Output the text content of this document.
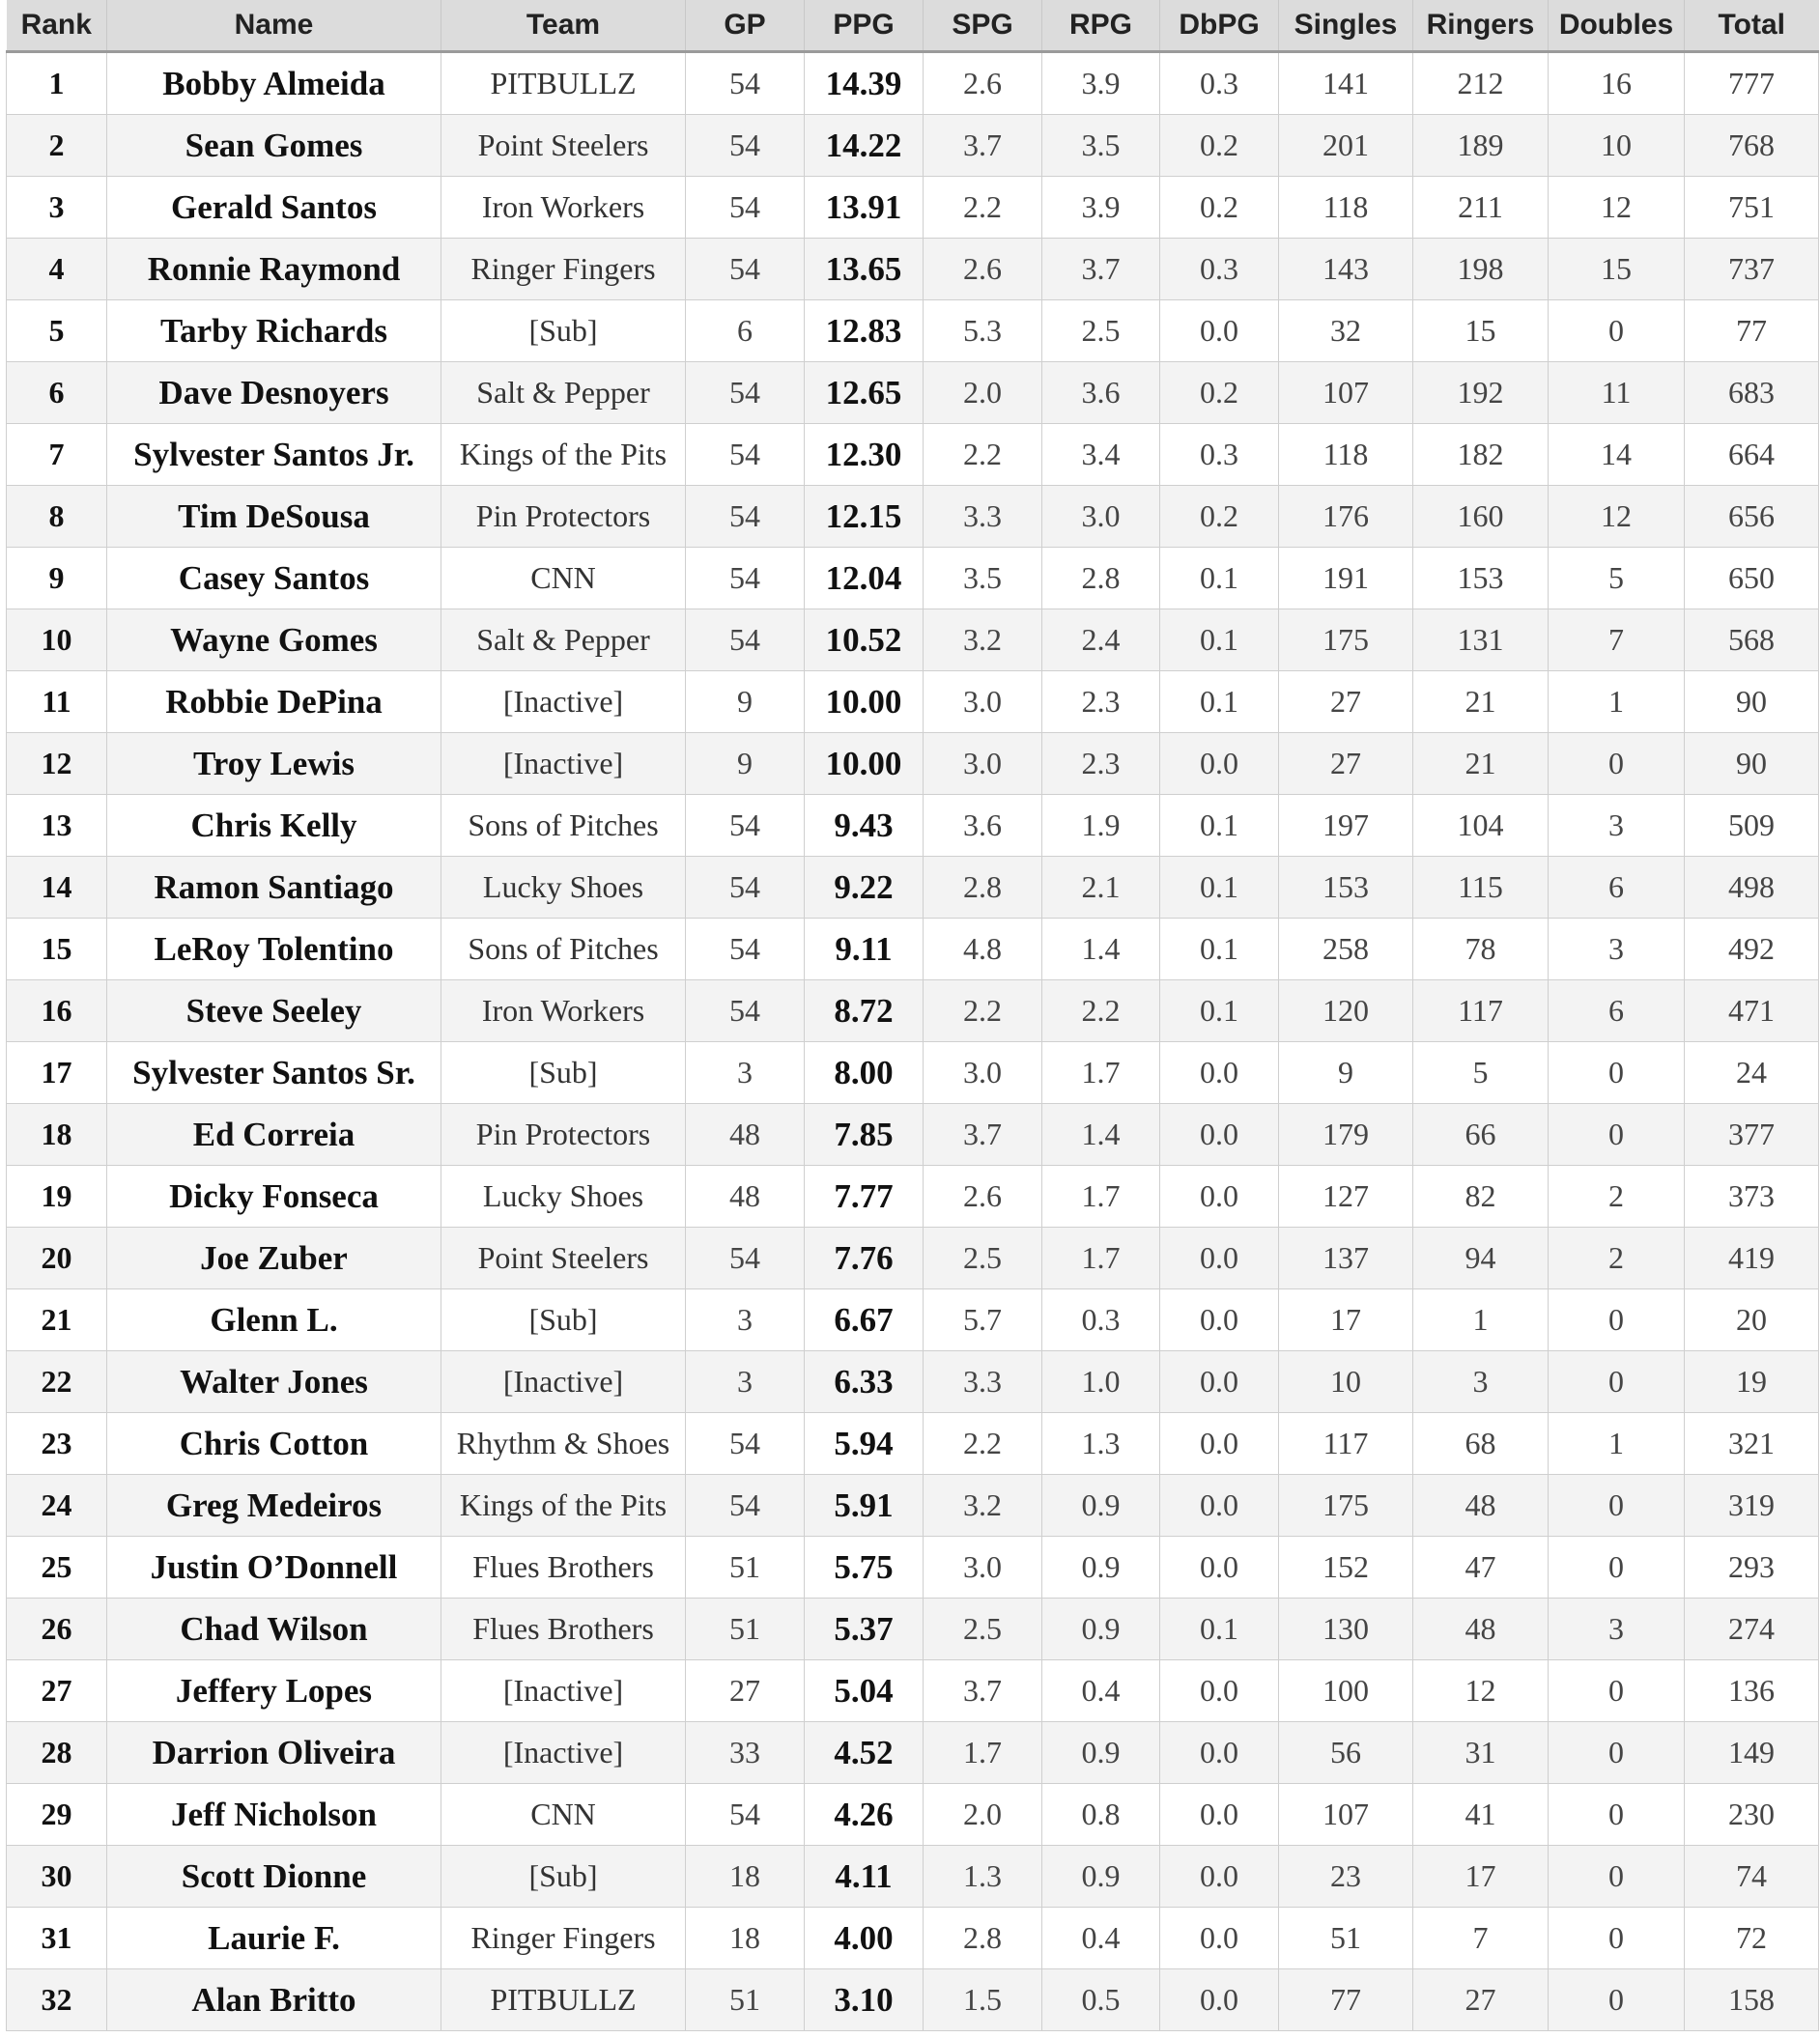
Rank	Name	Team	GP	PPG	SPG	RPG	DbPG	Singles	Ringers	Doubles	Total
1	Bobby Almeida	PITBULLZ	54	14.39	2.6	3.9	0.3	141	212	16	777
2	Sean Gomes	Point Steelers	54	14.22	3.7	3.5	0.2	201	189	10	768
3	Gerald Santos	Iron Workers	54	13.91	2.2	3.9	0.2	118	211	12	751
4	Ronnie Raymond	Ringer Fingers	54	13.65	2.6	3.7	0.3	143	198	15	737
5	Tarby Richards	[Sub]	6	12.83	5.3	2.5	0.0	32	15	0	77
6	Dave Desnoyers	Salt & Pepper	54	12.65	2.0	3.6	0.2	107	192	11	683
7	Sylvester Santos Jr.	Kings of the Pits	54	12.30	2.2	3.4	0.3	118	182	14	664
8	Tim DeSousa	Pin Protectors	54	12.15	3.3	3.0	0.2	176	160	12	656
9	Casey Santos	CNN	54	12.04	3.5	2.8	0.1	191	153	5	650
10	Wayne Gomes	Salt & Pepper	54	10.52	3.2	2.4	0.1	175	131	7	568
11	Robbie DePina	[Inactive]	9	10.00	3.0	2.3	0.1	27	21	1	90
12	Troy Lewis	[Inactive]	9	10.00	3.0	2.3	0.0	27	21	0	90
13	Chris Kelly	Sons of Pitches	54	9.43	3.6	1.9	0.1	197	104	3	509
14	Ramon Santiago	Lucky Shoes	54	9.22	2.8	2.1	0.1	153	115	6	498
15	LeRoy Tolentino	Sons of Pitches	54	9.11	4.8	1.4	0.1	258	78	3	492
16	Steve Seeley	Iron Workers	54	8.72	2.2	2.2	0.1	120	117	6	471
17	Sylvester Santos Sr.	[Sub]	3	8.00	3.0	1.7	0.0	9	5	0	24
18	Ed Correia	Pin Protectors	48	7.85	3.7	1.4	0.0	179	66	0	377
19	Dicky Fonseca	Lucky Shoes	48	7.77	2.6	1.7	0.0	127	82	2	373
20	Joe Zuber	Point Steelers	54	7.76	2.5	1.7	0.0	137	94	2	419
21	Glenn L.	[Sub]	3	6.67	5.7	0.3	0.0	17	1	0	20
22	Walter Jones	[Inactive]	3	6.33	3.3	1.0	0.0	10	3	0	19
23	Chris Cotton	Rhythm & Shoes	54	5.94	2.2	1.3	0.0	117	68	1	321
24	Greg Medeiros	Kings of the Pits	54	5.91	3.2	0.9	0.0	175	48	0	319
25	Justin O’Donnell	Flues Brothers	51	5.75	3.0	0.9	0.0	152	47	0	293
26	Chad Wilson	Flues Brothers	51	5.37	2.5	0.9	0.1	130	48	3	274
27	Jeffery Lopes	[Inactive]	27	5.04	3.7	0.4	0.0	100	12	0	136
28	Darrion Oliveira	[Inactive]	33	4.52	1.7	0.9	0.0	56	31	0	149
29	Jeff Nicholson	CNN	54	4.26	2.0	0.8	0.0	107	41	0	230
30	Scott Dionne	[Sub]	18	4.11	1.3	0.9	0.0	23	17	0	74
31	Laurie F.	Ringer Fingers	18	4.00	2.8	0.4	0.0	51	7	0	72
32	Alan Britto	PITBULLZ	51	3.10	1.5	0.5	0.0	77	27	0	158
